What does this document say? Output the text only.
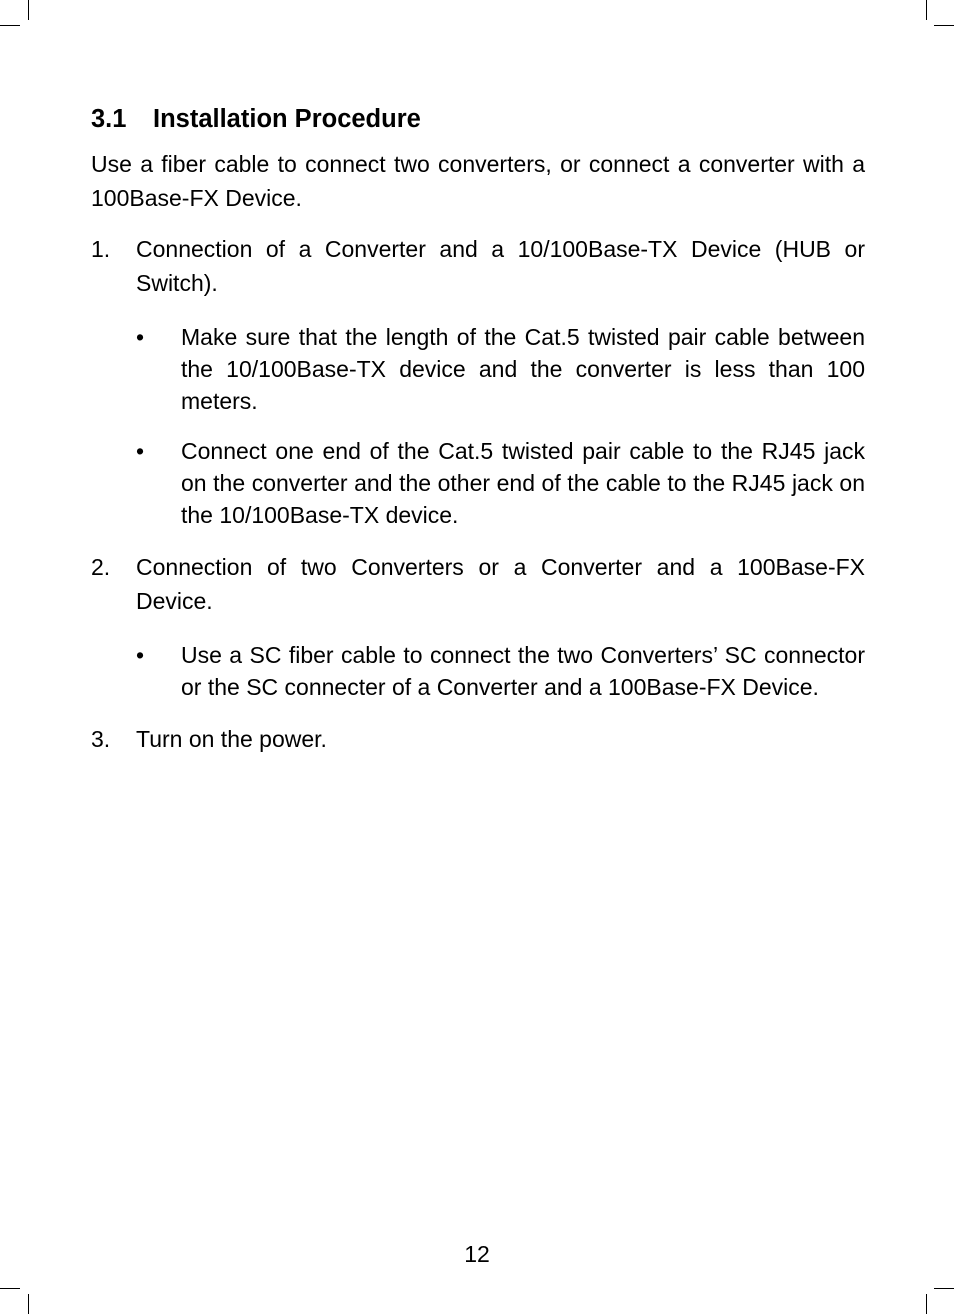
3.1 Installation Procedure

Use a fiber cable to connect two converters, or connect a converter with a 100Base-FX Device.

1. Connection of a Converter and a 10/100Base-TX Device (HUB or Switch).
• Make sure that the length of the Cat.5 twisted pair cable between the 10/100Base-TX device and the converter is less than 100 meters.
• Connect one end of the Cat.5 twisted pair cable to the RJ45 jack on the converter and the other end of the cable to the RJ45 jack on the 10/100Base-TX device.
2. Connection of two Converters or a Converter and a 100Base-FX Device.
• Use a SC fiber cable to connect the two Converters’ SC connector or the SC connecter of a Converter and a 100Base-FX Device.
3. Turn on the power.
12
